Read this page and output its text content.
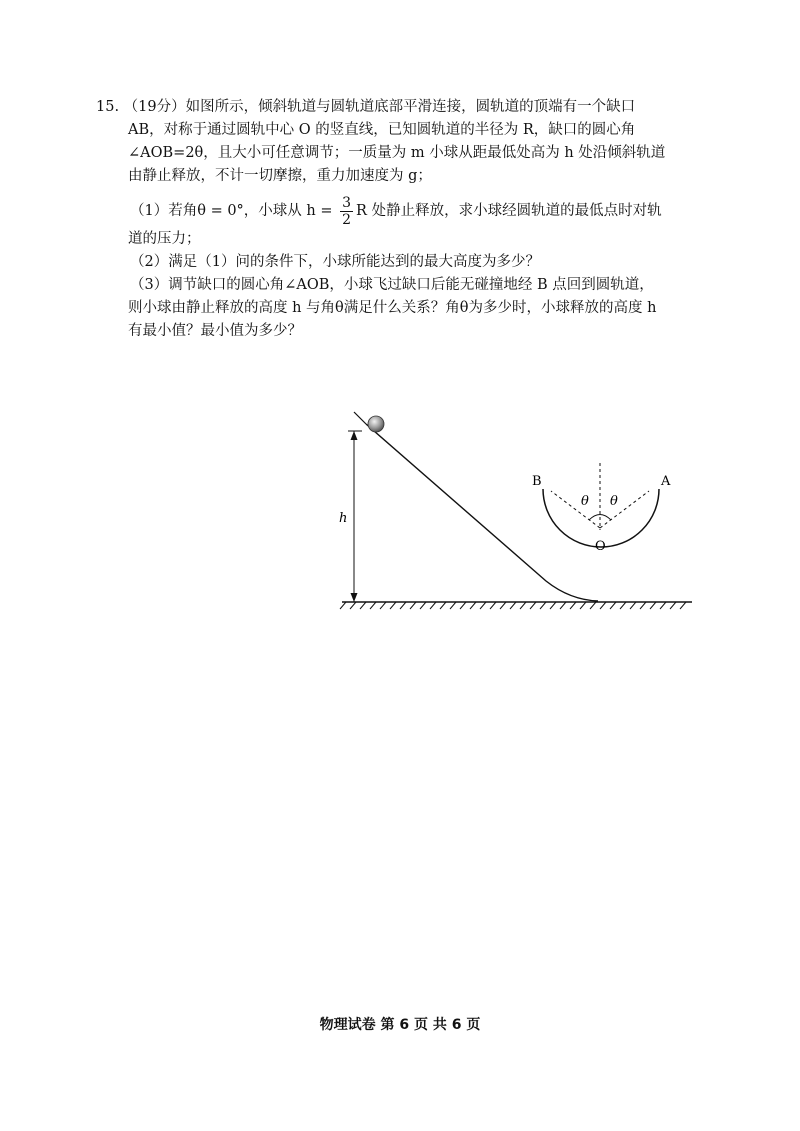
15. （19分）如图所示，倾斜轨道与圆轨道底部平滑连接，圆轨道的顶端有一个缺口
AB，对称于通过圆轨中心 O 的竖直线，已知圆轨道的半径为 R，缺口的圆心角
∠AOB=2θ，且大小可任意调节；一质量为 m 小球从距最低处高为 h 处沿倾斜轨道
由静止释放，不计一切摩擦，重力加速度为 g；
（1）若角θ = 0°，小球从 $h = \frac{3}{2}$ R 处静止释放，求小球经圆轨道的最低点时对轨
道的压力；
（2）满足（1）问的条件下，小球所能达到的最大高度为多少？
（3）调节缺口的圆心角∠AOB，小球飞过缺口后能无碰撞地经 B 点回到圆轨道，
则小球由静止释放的高度 h 与角θ满足什么关系？角θ为多少时，小球释放的高度 h
有最小值？最小值为多少？
h
B	A
O
θ θ
物理试卷 第 6 页 共 6 页
